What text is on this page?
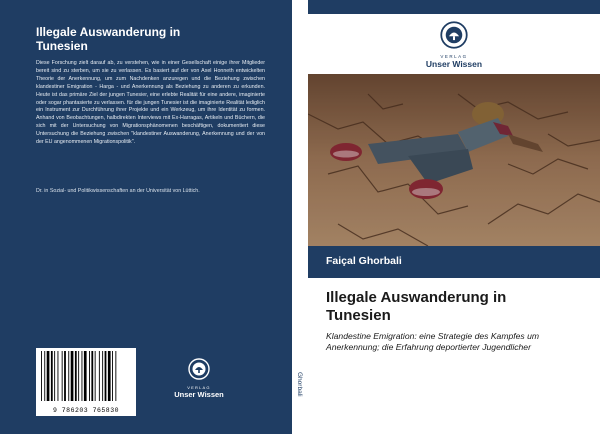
Illegale Auswanderung in
Tunesien
Diese Forschung zielt darauf ab, zu verstehen, wie in einer Gesellschaft einige ihrer Mitglieder bereit sind zu sterben, um sie zu verlassen. Es basiert auf der von Axel Honneth entwickelten Theorie der Anerkennung, um zum Nachdenken anzuregen und die Beziehung zwischen klandestiner Emigration - Harga - und Anerkennung als Beziehung zu anderen zu erkunden. Heute ist das primäre Ziel der jungen Tunesier, eine erlebte Realität für eine andere, imaginierte oder sogar phantasierte zu verlassen. für die jungen Tunesier ist die imaginierte Realität lediglich ein Instrument zur Durchführung ihrer Projekte und ein Werkzeug, um ihre Identität zu formen. Anhand von Beobachtungen, halbdirekten Interviews mit Ex-Harragas, Artikeln und Büchern, die sich mit der Untersuchung von Migrationsphänomenen beschäftigen, dokumentiert diese Untersuchung die Beziehung zwischen "klandestiner Auswanderung, Anerkennung und der von der EU angenommenen Migrationspolitik".
Dr. in Sozial- und Politikwissenschaften an der Universität von Lüttich.
9 786203 765830
VERLAG
Unser Wissen	Ghorbali
VERLAG
Unser Wissen
Faiçal Ghorbali
Illegale Auswanderung in
Tunesien
Klandestine Emigration: eine Strategie des Kampfes um Anerkennung; die Erfahrung deportierter Jugendlicher
